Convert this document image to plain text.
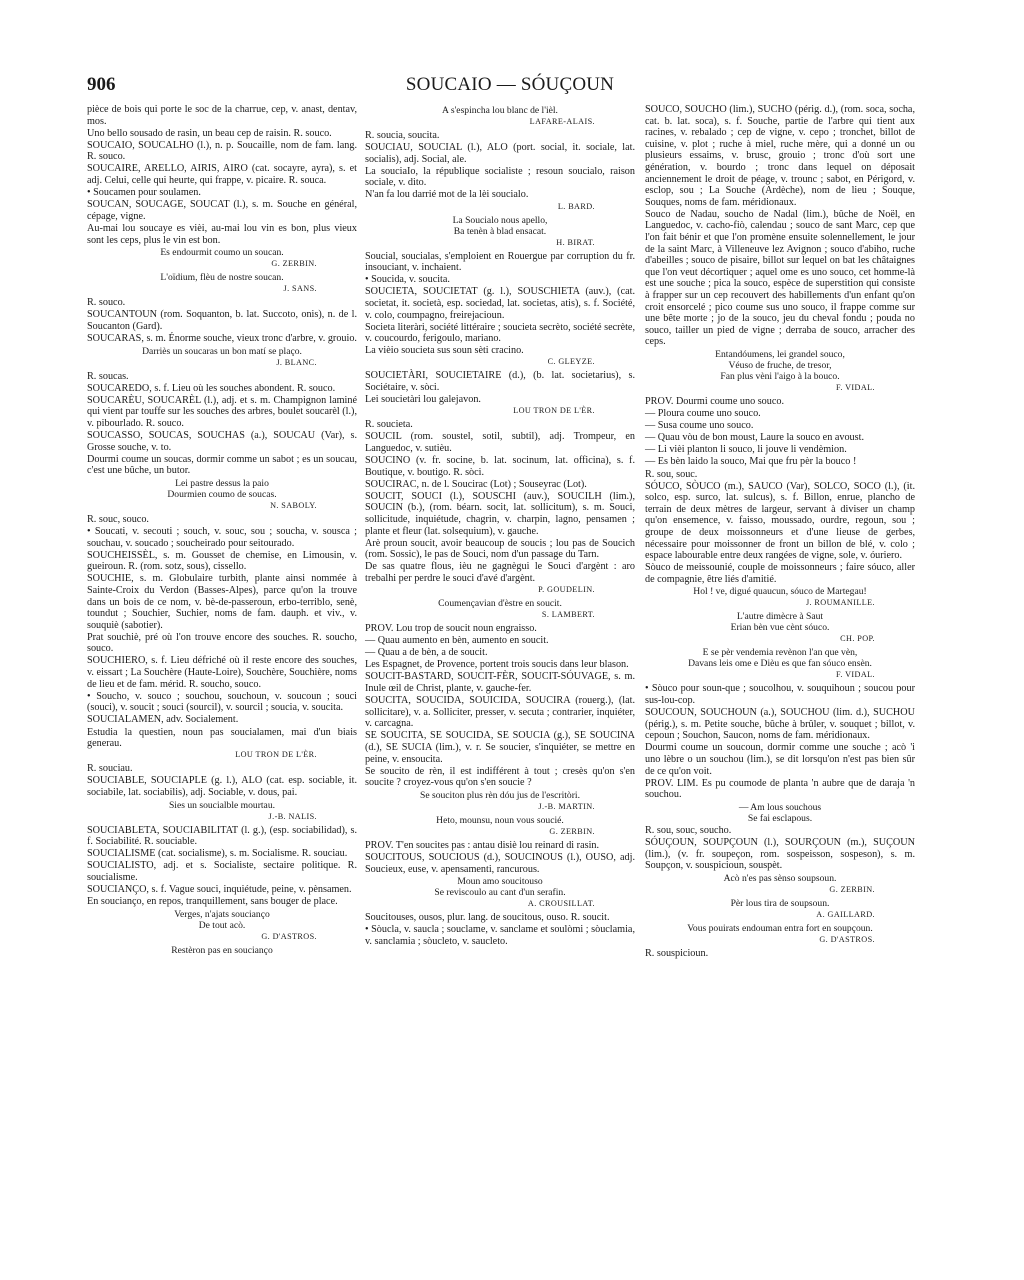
906	SOUCAIO — SÓUÇOUN
pièce de bois qui porte le soc de la charrue, cep, v. anast, dentav, mos.
Uno bello sousado de rasin, un beau cep de raisin. R. souco.
SOUCAIO, SOUCALHO (l.), n. p. Soucaille, nom de fam. lang. R. souco.
SOUCAIRE, ARELLO, AIRIS, AIRO (cat. socayre, ayra), s. et adj. Celui, celle qui heurte, qui frappe, v. picaire. R. souca.
• Soucamen pour soulamen.
SOUCAN, SOUCAGE, SOUCAT (l.), s. m. Souche en général, cépage, vigne.
Au-mai lou soucaye es vièi, au-mai lou vin es bon, plus vieux sont les ceps, plus le vin est bon.
Es endourmit coumo un soucan.
G. ZERBIN.
L'oïdium, flèu de nostre soucan.
J. SANS.
R. souco.
SOUCANTOUN (rom. Soquanton, b. lat. Succoto, onis), n. de l. Soucanton (Gard).
SOUCARAS, s. m. Énorme souche, vieux tronc d'arbre, v. grouio.
Darriès un soucaras un bon matí se plaço.
J. BLANC.
R. soucas.
SOUCAREDO, s. f. Lieu où les souches abondent. R. souco.
SOUCARÈU, SOUCARÈL (l.), adj. et s. m. Champignon laminé qui vient par touffe sur les souches des arbres, boulet soucarèl (l.), v. pibourlado. R. souco.
SOUCASSO, SOUCAS, SOUCHAS (a.), SOUCAU (Var), s. Grosse souche, v. to.
Dourmi coume un soucas, dormir comme un sabot ; es un soucau, c'est une bûche, un butor.
Lei pastre dessus la paio
Dourmien coumo de soucas.
N. SABOLY.
R. souc, souco.
• Soucati, v. secouti ; souch, v. souc, sou ; soucha, v. sousca ; souchau, v. soucado ; soucheirado pour seitourado.
SOUCHEISSÈL, s. m. Gousset de chemise, en Limousin, v. gueiroun. R. (rom. sotz, sous), cissello.
SOUCHIE, s. m. Globulaire turbith, plante ainsi nommée à Sainte-Croix du Verdon (Basses-Alpes), parce qu'on la trouve dans un bois de ce nom, v. bè-de-passeroun, erbo-terriblo, senè, toundut ; Souchier, Suchier, noms de fam. dauph. et viv., v. souquiè (sabotier).
Prat souchiè, pré où l'on trouve encore des souches. R. soucho, souco.
SOUCHIERO, s. f. Lieu défriché où il reste encore des souches, v. eissart ; La Souchère (Haute-Loire), Souchère, Souchière, noms de lieu et de fam. mérid. R. soucho, souco.
• Soucho, v. souco ; souchou, souchoun, v. soucoun ; souci (souci), v. soucit ; souci (sourcil), v. sourcil ; soucia, v. soucita.
SOUCIALAMEN, adv. Socialement.
Estudia la questien, noun pas soucialamen, mai d'un biais generau.
LOU TRON DE L'ÈR.
R. souciau.
SOUCIABLE, SOUCIAPLE (g. l.), ALO (cat. esp. sociable, it. sociabile, lat. sociabilis), adj. Sociable, v. dous, pai.
Sies un soucialble mourtau.
J.-B. NALIS.
SOUCIABLETA, SOUCIABILITAT (l. g.), (esp. sociabilidad), s. f. Sociabilité. R. souciable.
SOUCIALISME (cat. socialisme), s. m. Socialisme. R. souciau.
SOUCIALISTO, adj. et s. Socialiste, sectaire politique. R. soucialisme.
SOUCIANÇO, s. f. Vague souci, inquiétude, peine, v. pènsamen.
En soucianço, en repos, tranquillement, sans bouger de place.
Verges, n'ajats soucianço
De tout acò.
G. D'ASTROS.
Restèron pas en soucianço
A s'espincha lou blanc de l'ièl.
LAFARE-ALAIS.
R. soucia, soucita.
SOUCIAU, SOUCIAL (l.), ALO (port. social, it. sociale, lat. socialis), adj. Social, ale.
La souciaIo, la république socialiste ; resoun soucialo, raison sociale, v. dito.
N'an fa lou darrié mot de la lèi soucialo.
L. BARD.
La Soucialo nous apello,
Ba tenèn à blad ensacat.
H. BIRAT.
Soucial, soucialas, s'emploient en Rouergue par corruption du fr. insouciant, v. inchaient.
• Soucida, v. soucita.
SOUCIETA, SOUCIETAT (g. l.), SOUSCHIETA (auv.), (cat. societat, it. società, esp. sociedad, lat. societas, atis), s. f. Société, v. colo, coumpagno, freirejacioun.
Societa literàri, société littéraire ; soucieta secrèto, société secrète, v. coucourdo, ferigoulo, mariano.
La vièio soucieta sus soun sèti cracino.
C. GLEYZE.
SOUCIETÀRI, SOUCIETAIRE (d.), (b. lat. societarius), s. Sociétaire, v. sòci.
Lei soucietàri lou galejavon.
LOU TRON DE L'ÈR.
R. soucieta.
SOUCIL (rom. soustel, sotil, subtil), adj. Trompeur, en Languedoc, v. sutièu.
SOUCINO (v. fr. socine, b. lat. socinum, lat. officina), s. f. Boutique, v. boutigo. R. sòci.
SOUCIRAC, n. de l. Soucirac (Lot) ; Souseyrac (Lot).
SOUCIT, SOUCI (l.), SOUSCHI (auv.), SOUCILH (lim.), SOUCIN (b.), (rom. béarn. socit, lat. sollicitum), s. m. Souci, sollicitude, inquiétude, chagrin, v. charpin, lagno, pensamen ; plante et fleur (lat. solsequium), v. gauche.
Arè proun soucit, avoir beaucoup de soucis ; lou pas de Soucich (rom. Sossic), le pas de Souci, nom d'un passage du Tarn.
De sas quatre flous, ièu ne gagnègui le Souci d'argènt : aro trebalhi per perdre le souci d'avé d'argènt.
P. GOUDELIN.
Coumençavian d'èstre en soucit.
S. LAMBERT.
PROV. Lou trop de soucit noun engraisso.
— Quau aumento en bèn, aumento en soucit.
— Quau a de bèn, a de soucit.
Les Espagnet, de Provence, portent trois soucis dans leur blason.
SOUCIT-BASTARD, SOUCIT-FÈR, SOUCIT-SÓUVAGE, s. m. Inule œil de Christ, plante, v. gauche-fer.
SOUCITA, SOUCIDA, SOUICIDA, SOUCIRA (rouerg.), (lat. sollicitare), v. a. Solliciter, presser, v. secuta ; contrarier, inquiéter, v. carcagna.
SE SOUCITA, SE SOUCIDA, SE SOUCIA (g.), SE SOUCINA (d.), SE SUCIA (lim.), v. r. Se soucier, s'inquiéter, se mettre en peine, v. ensoucita.
Se soucito de rèn, il est indifférent à tout ; cresès qu'on s'en soucite ? croyez-vous qu'on s'en soucie ?
Se souciton plus rèn dóu jus de l'escritòri.
J.-B. MARTIN.
Heto, mounsu, noun vous soucié.
G. ZERBIN.
PROV. T'en soucites pas : antau disiè lou reinard di rasin.
SOUCITOUS, SOUCIOUS (d.), SOUCINOUS (l.), OUSO, adj. Soucieux, euse, v. apensamenti, rancurous.
Moun amo soucitouso
Se reviscoulo au cant d'un serafin.
A. CROUSILLAT.
Soucitouses, ousos, plur. lang. de soucitous, ouso. R. soucit.
• Sòucla, v. saucla ; souclame, v. sanclame et soulòmi ; sòuclamia, v. sanclamia ; sòucleto, v. saucleto.
SOUCO, SOUCHO (lim.), SUCHO (périg. d.), (rom. soca, socha, cat. b. lat. soca), s. f. Souche, partie de l'arbre qui tient aux racines, v. rebalado ; cep de vigne, v. cepo ; tronchet, billot de cuisine, v. plot ; ruche à miel, ruche mère, qui a donné un ou plusieurs essaims, v. brusc, grouio ; tronc d'où sort une génération, v. bourdo ; tronc dans lequel on déposait anciennement le droit de péage, v. trounc ; sabot, en Périgord, v. esclop, sou ; La Souche (Ardèche), nom de lieu ; Souque, Souques, noms de fam. méridionaux.
Souco de Nadau, soucho de Nadal (lim.), bûche de Noël, en Languedoc, v. cacho-fiò, calendau ; souco de sant Marc, cep que l'on fait bénir et que l'on promène ensuite solennellement, le jour de la saint Marc, à Villeneuve lez Avignon ; souco d'abiho, ruche d'abeilles ; souco de pisaire, billot sur lequel on bat les châtaignes que l'on veut décortiquer ; aquel ome es uno souco, cet homme-là est une souche ; pica la souco, espèce de superstition qui consiste à frapper sur un cep recouvert des habillements d'un enfant qu'on croit ensorcelé ; pico coume sus uno souco, il frappe comme sur une bête morte ; jo de la souco, jeu du cheval fondu ; pouda no souco, tailler un pied de vigne ; derraba de souco, arracher des ceps.
Entandóumens, lei grandel souco,
Véuso de fruche, de tresor,
Fan plus vèni l'aigo à la bouco.
F. VIDAL.
PROV. Dourmi coume uno souco.
— Ploura coume uno souco.
— Susa coume uno souco.
— Quau vòu de bon moust, Laure la souco en avoust.
— Li vièi planton li souco, li jouve li vendèmion.
— Es bèn laido la souco, Mai que fru pèr la bouco !
R. sou, souc.
SÓUCO, SÒUCO (m.), SAUCO (Var), SOLCO, SOCO (l.), (it. solco, esp. surco, lat. sulcus), s. f. Billon, enrue, plancho de terrain de deux mètres de largeur, servant à diviser un champ qu'on ensemence, v. faisso, moussado, ourdre, regoun, sou ; groupe de deux moissonneurs et d'une lieuse de gerbes, nécessaire pour moissonner de front un billon de blé, v. colo ; espace labourable entre deux rangées de vigne, sole, v. óuriero.
Sòuco de meissounié, couple de moissonneurs ; faire sóuco, aller de compagnie, être liés d'amitié.
Hol ! ve, digué quaucun, sóuco de Martegau!
J. ROUMANILLE.
L'autre dimècre à Saut
Erian bèn vue cènt sóuco.
CH. POP.
E se pèr vendemia revènon l'an que vèn,
Davans leis ome e Dièu es que fan sóuco ensèn.
F. VIDAL.
• Sòuco pour soun-que ; soucolhou, v. souquihoun ; soucou pour sus-lou-cop.
SOUCOUN, SOUCHOUN (a.), SOUCHOU (lim. d.), SUCHOU (périg.), s. m. Petite souche, bûche à brûler, v. souquet ; billot, v. cepoun ; Souchon, Saucon, noms de fam. méridionaux.
Dourmi coume un soucoun, dormir comme une souche ; acò 'i uno lèbre o un souchou (lim.), se dit lorsqu'on n'est pas bien sûr de ce qu'on voit.
PROV. LIM. Es pu coumode de planta 'n aubre que de daraja 'n souchou.
— Am lous souchous
Se fai esclapous.
R. sou, souc, soucho.
SÓUÇOUN, SOUPÇOUN (l.), SOURÇOUN (m.), SUÇOUN (lim.), (v. fr. soupeçon, rom. sospeisson, sospeson), s. m. Soupçon, v. souspicioun, souspèt.
Acò n'es pas sènso soupsoun.
G. ZERBIN.
Pèr lous tira de soupsoun.
A. GAILLARD.
Vous pouirats endouman entra fort en soupçoun.
G. D'ASTROS.
R. souspicioun.
